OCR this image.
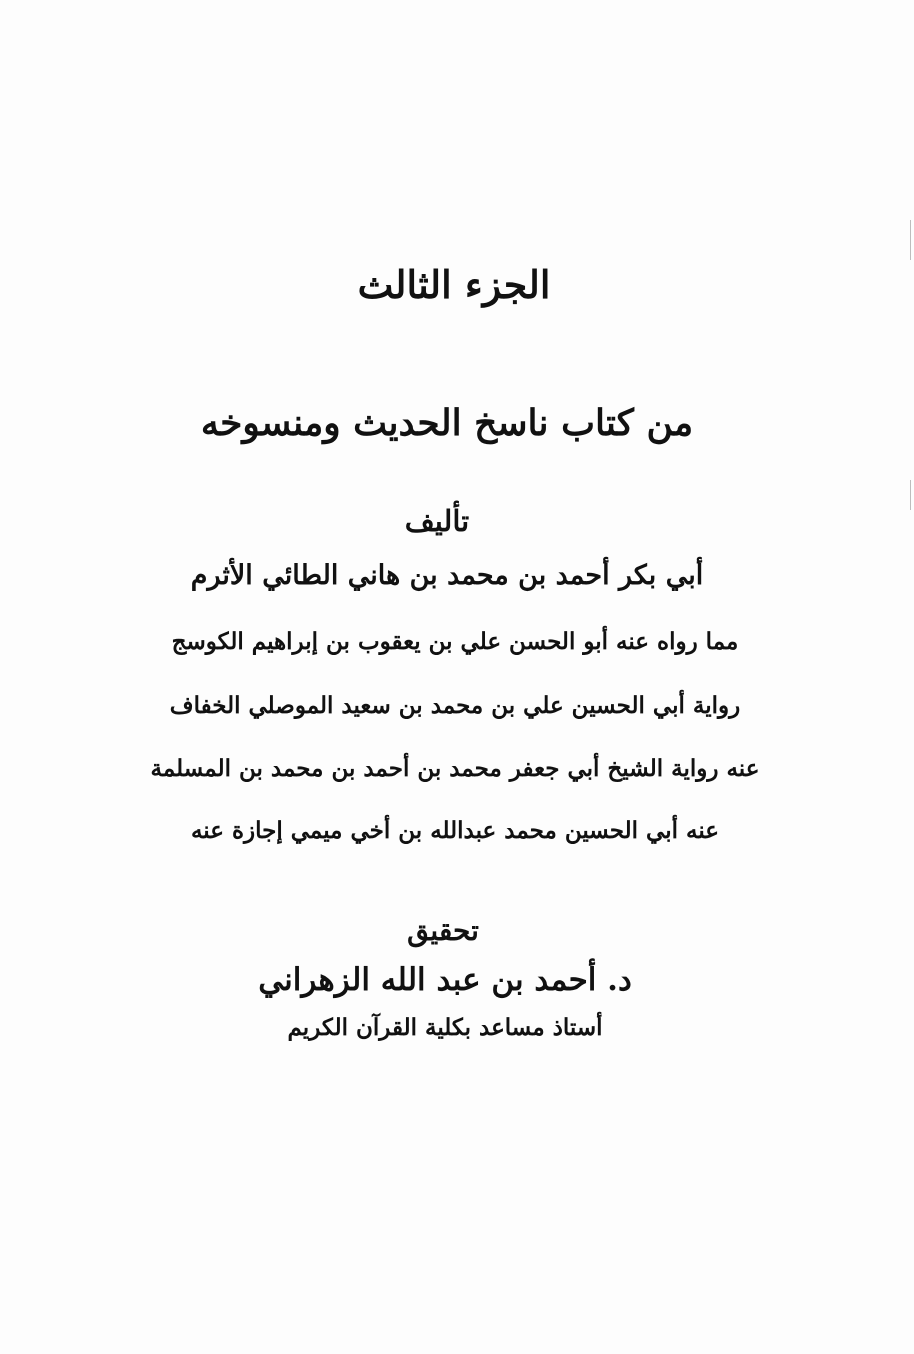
الجزء الثالث
من كتاب ناسخ الحديث ومنسوخه
تأليف
أبي بكر أحمد بن محمد بن هاني الطائي الأثرم
مما رواه عنه أبو الحسن علي بن يعقوب بن إبراهيم الكوسج
رواية أبي الحسين علي بن محمد بن سعيد الموصلي الخفاف
عنه رواية الشيخ أبي جعفر محمد بن أحمد بن محمد بن المسلمة
عنه أبي الحسين محمد عبدالله بن أخي ميمي إجازة عنه
تحقيق
د. أحمد بن عبد الله الزهراني
أستاذ مساعد بكلية القرآن الكريم
